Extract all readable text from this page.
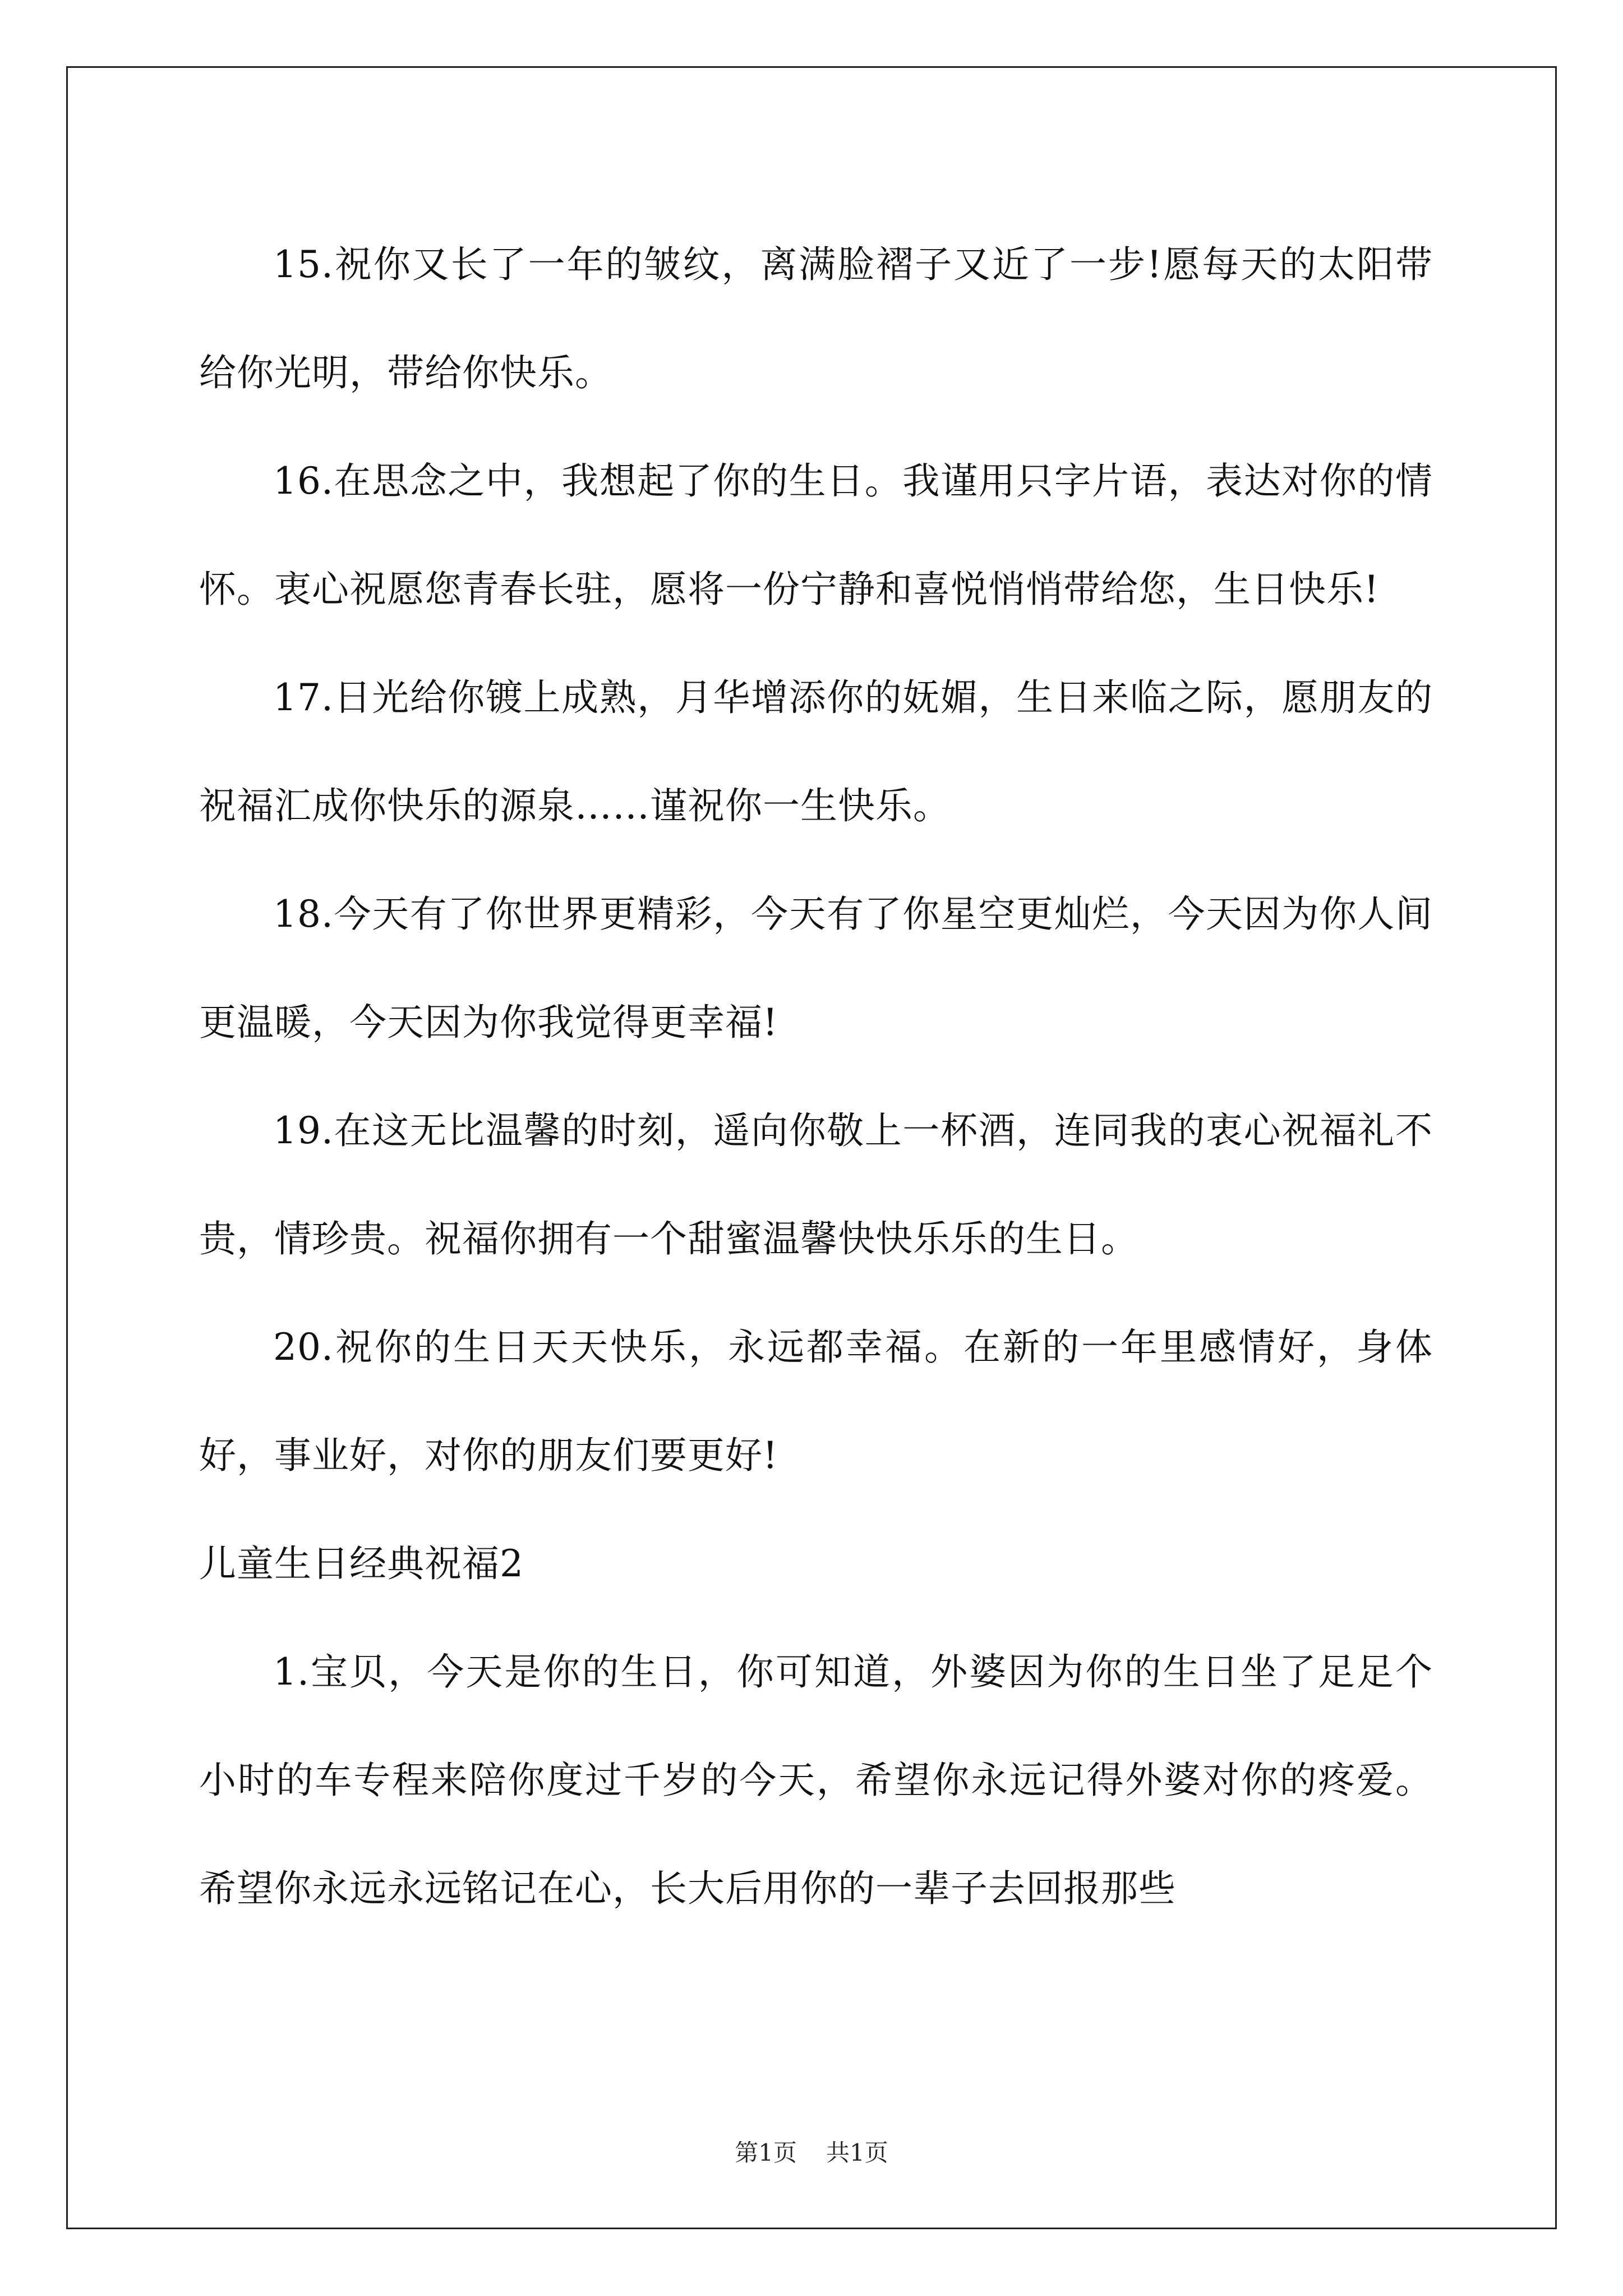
15.祝你又长了一年的皱纹，离满脸褶子又近了一步!愿每天的太阳带给你光明，带给你快乐。

16.在思念之中，我想起了你的生日。我谨用只字片语，表达对你的情怀。衷心祝愿您青春长驻，愿将一份宁静和喜悦悄悄带给您，生日快乐!

17.日光给你镀上成熟，月华增添你的妩媚，生日来临之际，愿朋友的祝福汇成你快乐的源泉……谨祝你一生快乐。

18.今天有了你世界更精彩，今天有了你星空更灿烂，今天因为你人间更温暖，今天因为你我觉得更幸福!

19.在这无比温馨的时刻，遥向你敬上一杯酒，连同我的衷心祝福礼不贵，情珍贵。祝福你拥有一个甜蜜温馨快快乐乐的生日。

20.祝你的生日天天快乐，永远都幸福。在新的一年里感情好，身体好，事业好，对你的朋友们要更好!

儿童生日经典祝福2

1.宝贝，今天是你的生日，你可知道，外婆因为你的生日坐了足足个小时的车专程来陪你度过千岁的今天，希望你永远记得外婆对你的疼爱。希望你永远永远铭记在心，长大后用你的一辈子去回报那些

第1页 共1页
